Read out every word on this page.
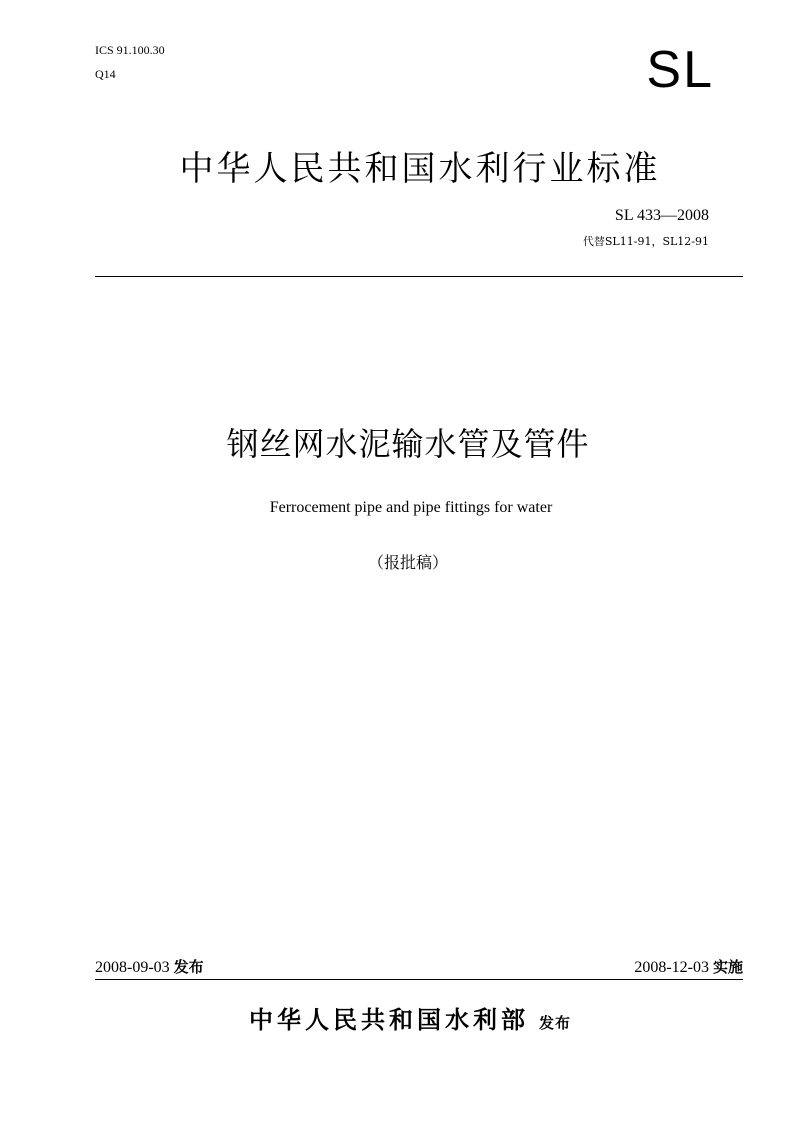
ICS 91.100.30
Q14	SL
中华人民共和国水利行业标准
SL 433—2008
代替SL11-91，SL12-91
钢丝网水泥输水管及管件
Ferrocement pipe and pipe fittings for water
（报批稿）
2008-09-03 发布	2008-12-03 实施
中华人民共和国水利部 发布
